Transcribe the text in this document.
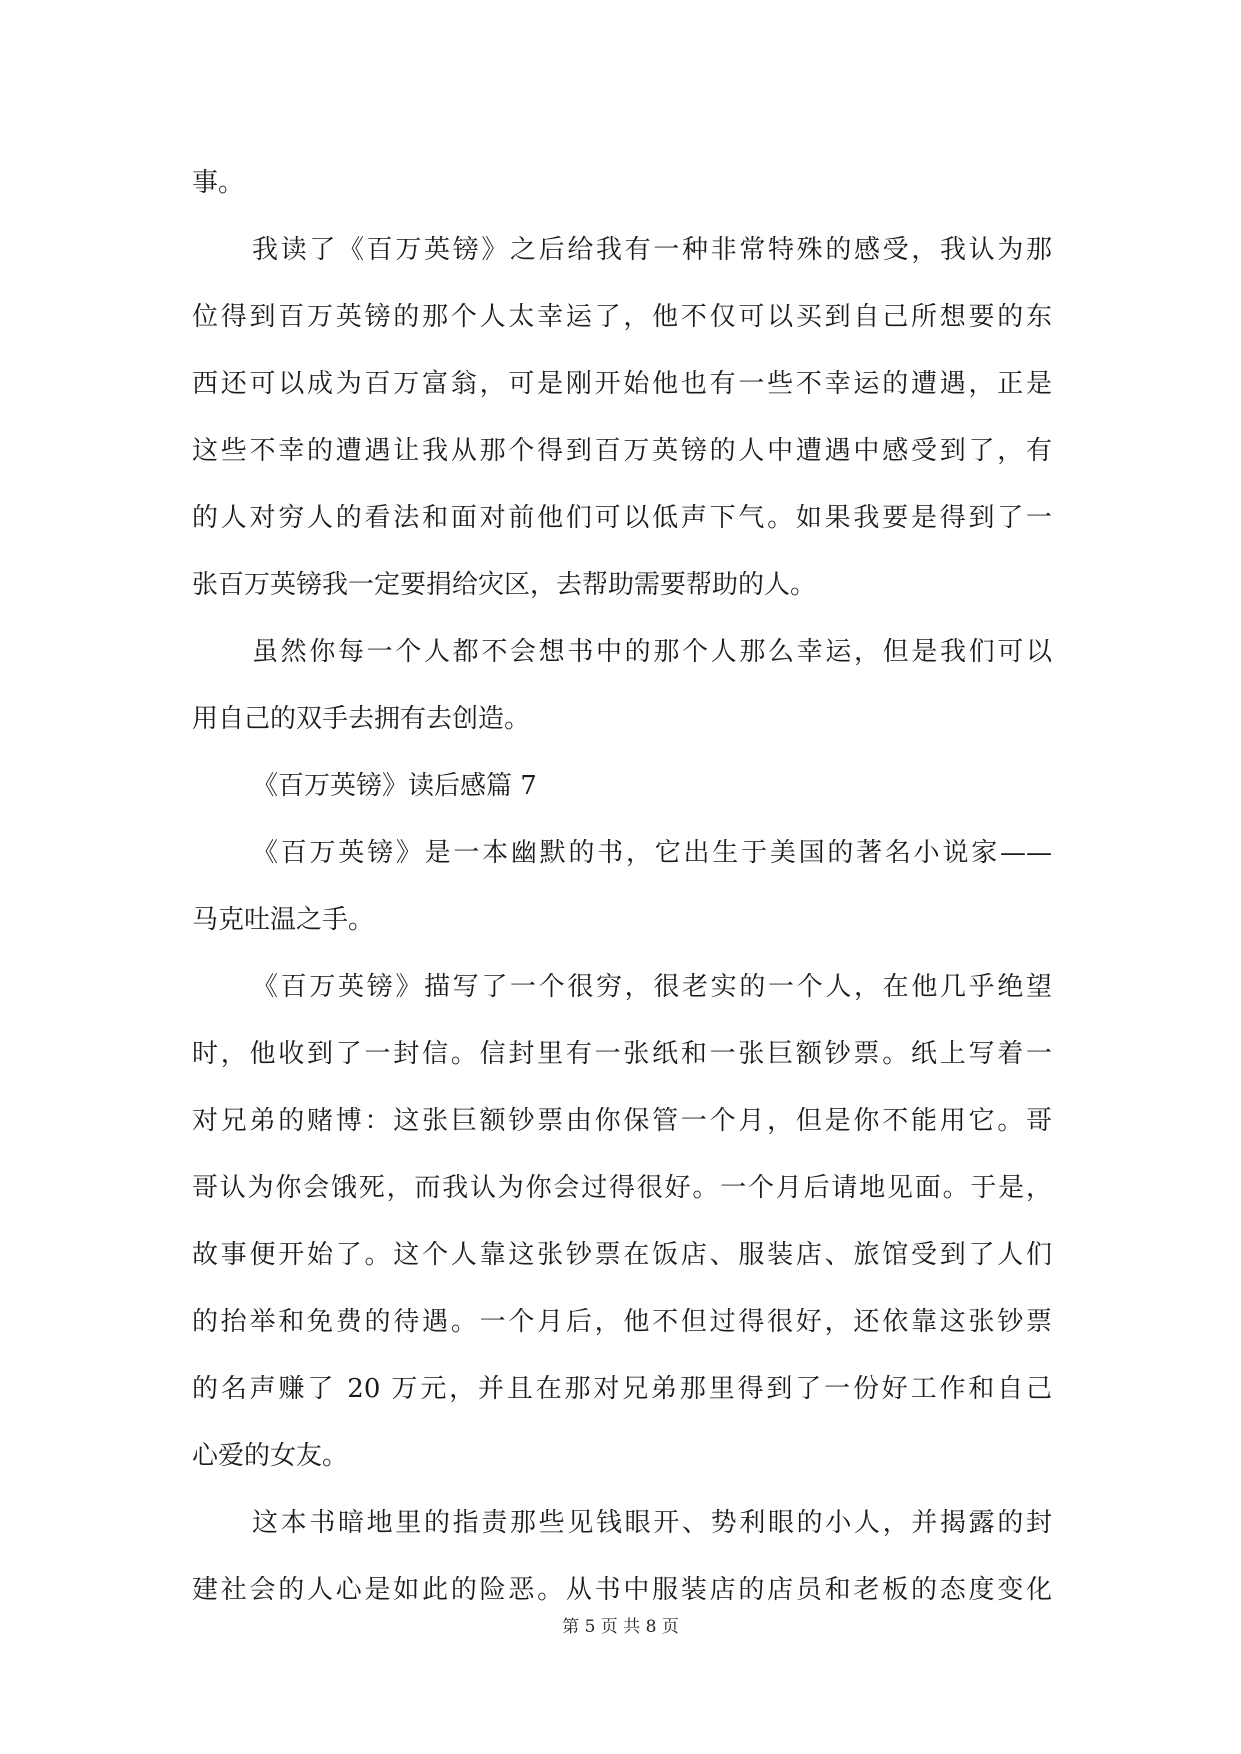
事。
我读了《百万英镑》之后给我有一种非常特殊的感受，我认为那
位得到百万英镑的那个人太幸运了，他不仅可以买到自己所想要的东
西还可以成为百万富翁，可是刚开始他也有一些不幸运的遭遇，正是
这些不幸的遭遇让我从那个得到百万英镑的人中遭遇中感受到了，有
的人对穷人的看法和面对前他们可以低声下气。如果我要是得到了一
张百万英镑我一定要捐给灾区，去帮助需要帮助的人。
虽然你每一个人都不会想书中的那个人那么幸运，但是我们可以
用自己的双手去拥有去创造。
《百万英镑》读后感篇 7
《百万英镑》是一本幽默的书，它出生于美国的著名小说家——
马克吐温之手。
《百万英镑》描写了一个很穷，很老实的一个人，在他几乎绝望
时，他收到了一封信。信封里有一张纸和一张巨额钞票。纸上写着一
对兄弟的赌博：这张巨额钞票由你保管一个月，但是你不能用它。哥
哥认为你会饿死，而我认为你会过得很好。一个月后请地见面。于是，
故事便开始了。这个人靠这张钞票在饭店、服装店、旅馆受到了人们
的抬举和免费的待遇。一个月后，他不但过得很好，还依靠这张钞票
的名声赚了 20 万元，并且在那对兄弟那里得到了一份好工作和自己
心爱的女友。
这本书暗地里的指责那些见钱眼开、势利眼的小人，并揭露的封
建社会的人心是如此的险恶。从书中服装店的店员和老板的态度变化
第 5 页 共 8 页
